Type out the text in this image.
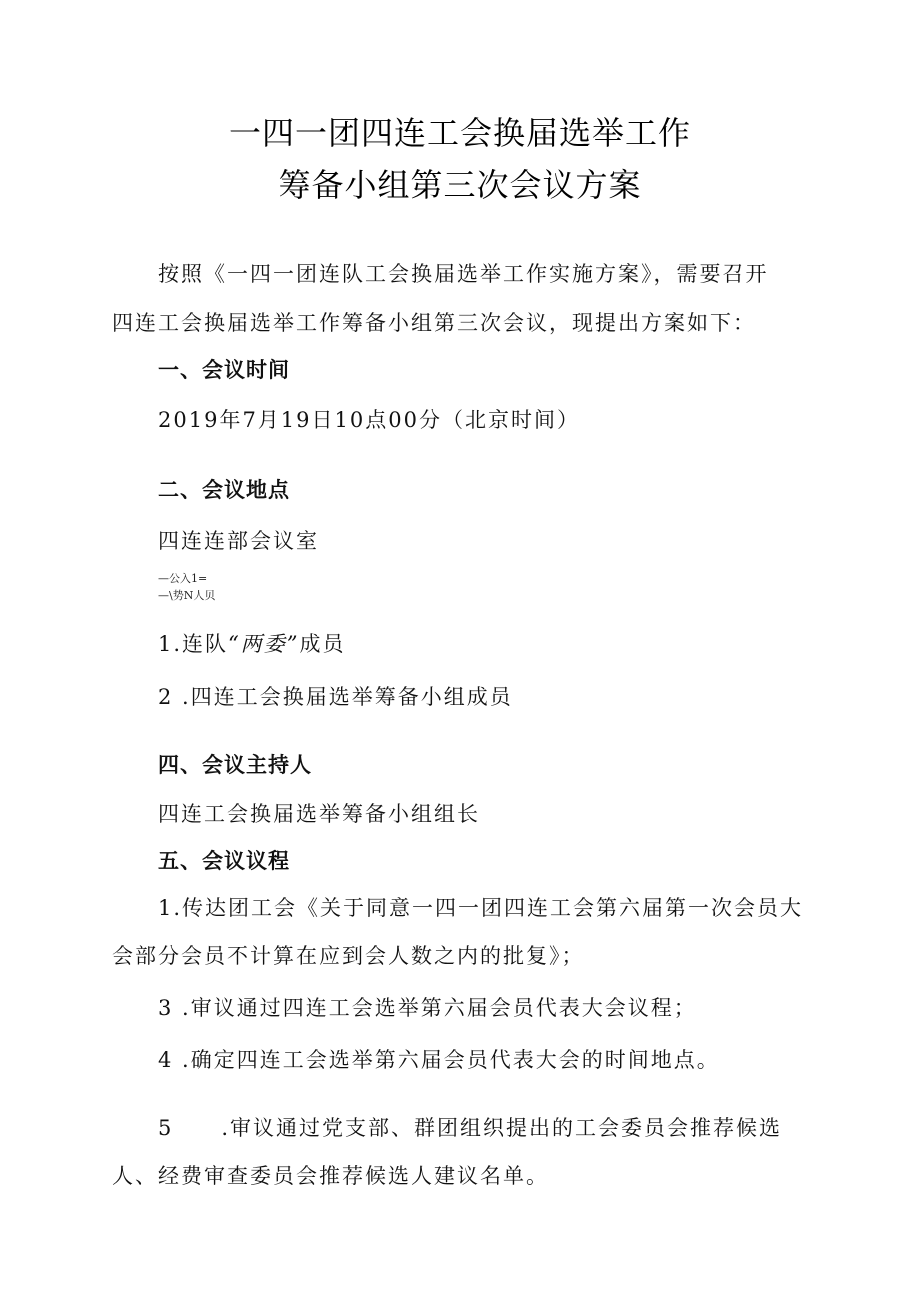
一四一团四连工会换届选举工作
筹备小组第三次会议方案
按照《一四一团连队工会换届选举工作实施方案》，需要召开
四连工会换届选举工作筹备小组第三次会议，现提出方案如下：
一、会议时间
2019年7月19日10点00分（北京时间）
二、会议地点
四连连部会议室
—公入1=
—\势N人贝
1.连队“两委”成员
2 .四连工会换届选举筹备小组成员
四、会议主持人
四连工会换届选举筹备小组组长
五、会议议程
1.传达团工会《关于同意一四一团四连工会第六届第一次会员大
会部分会员不计算在应到会人数之内的批复》；
3 .审议通过四连工会选举第六届会员代表大会议程；
4 .确定四连工会选举第六届会员代表大会的时间地点。
5 .审议通过党支部、群团组织提出的工会委员会推荐候选
人、经费审查委员会推荐候选人建议名单。
